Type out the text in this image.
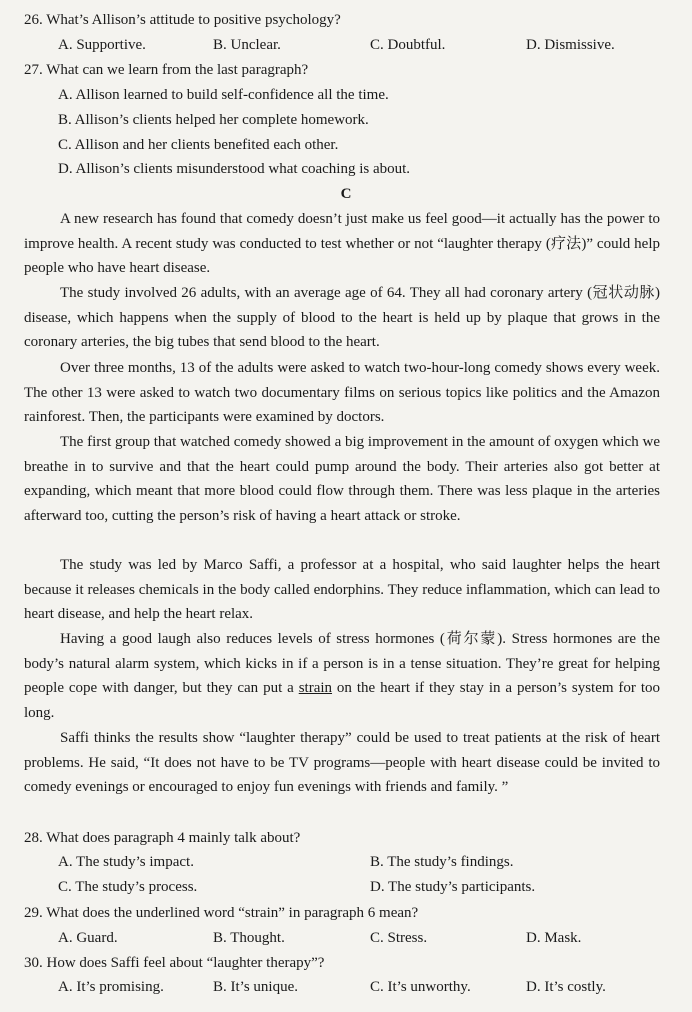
26. What’s Allison’s attitude to positive psychology?
A. Supportive.	B. Unclear.	C. Doubtful.	D. Dismissive.
27. What can we learn from the last paragraph?
A. Allison learned to build self-confidence all the time.
B. Allison’s clients helped her complete homework.
C. Allison and her clients benefited each other.
D. Allison’s clients misunderstood what coaching is about.
C
A new research has found that comedy doesn’t just make us feel good—it actually has the power to improve health. A recent study was conducted to test whether or not “laughter therapy (疗法)” could help people who have heart disease.
The study involved 26 adults, with an average age of 64. They all had coronary artery (冠状动脉) disease, which happens when the supply of blood to the heart is held up by plaque that grows in the coronary arteries, the big tubes that send blood to the heart.
Over three months, 13 of the adults were asked to watch two-hour-long comedy shows every week. The other 13 were asked to watch two documentary films on serious topics like politics and the Amazon rainforest. Then, the participants were examined by doctors.
The first group that watched comedy showed a big improvement in the amount of oxygen which we breathe in to survive and that the heart could pump around the body. Their arteries also got better at expanding, which meant that more blood could flow through them. There was less plaque in the arteries afterward too, cutting the person’s risk of having a heart attack or stroke.
The study was led by Marco Saffi, a professor at a hospital, who said laughter helps the heart because it releases chemicals in the body called endorphins. They reduce inflammation, which can lead to heart disease, and help the heart relax.
Having a good laugh also reduces levels of stress hormones (荷尔蒙). Stress hormones are the body’s natural alarm system, which kicks in if a person is in a tense situation. They’re great for helping people cope with danger, but they can put a strain on the heart if they stay in a person’s system for too long.
Saffi thinks the results show “laughter therapy” could be used to treat patients at the risk of heart problems. He said, “It does not have to be TV programs—people with heart disease could be invited to comedy evenings or encouraged to enjoy fun evenings with friends and family. ”
28. What does paragraph 4 mainly talk about?
A. The study’s impact.	B. The study’s findings.
C. The study’s process.	D. The study’s participants.
29. What does the underlined word “strain” in paragraph 6 mean?
A. Guard.	B. Thought.	C. Stress.	D. Mask.
30. How does Saffi feel about “laughter therapy”?
A. It’s promising.	B. It’s unique.	C. It’s unworthy.	D. It’s costly.
